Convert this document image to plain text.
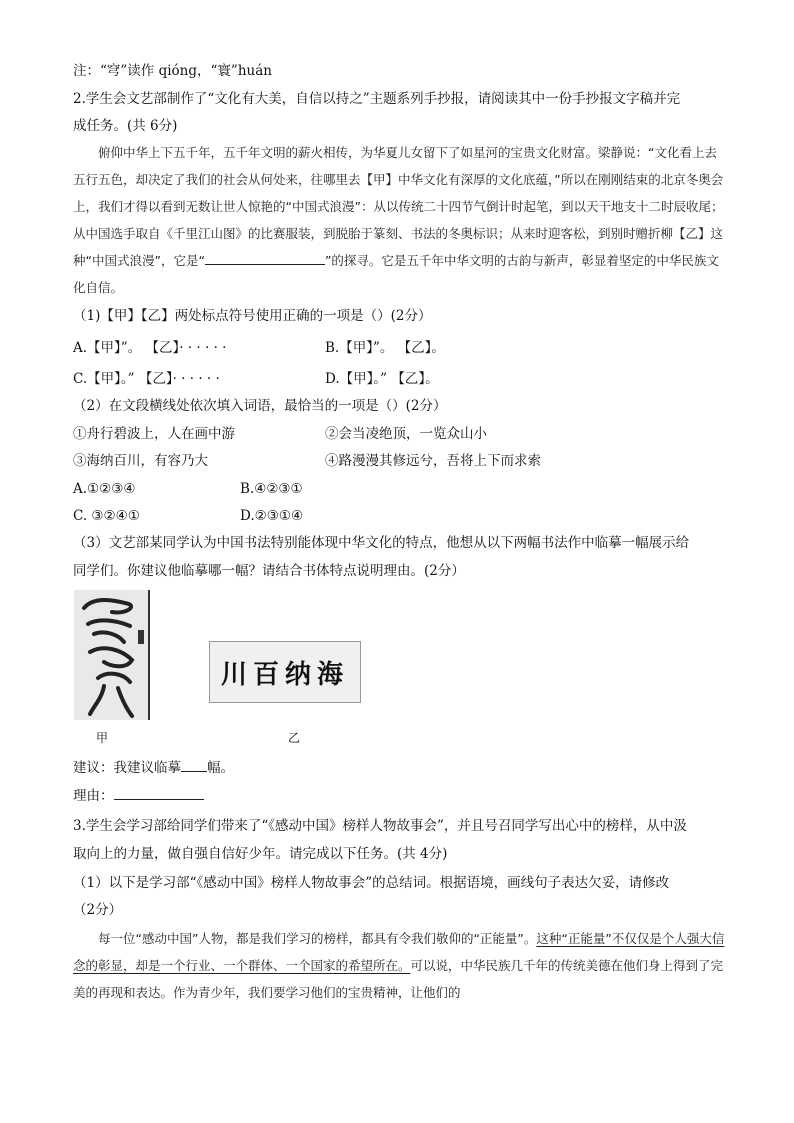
注：“穹”读作 qióng，“寰”huán
2.学生会文艺部制作了“文化有大美，自信以持之”主题系列手抄报，请阅读其中一份手抄报文字稿并完
成任务。(共 6分)
俯仰中华上下五千年，五千年文明的薪火相传，为华夏儿女留下了如星河的宝贵文化财富。梁静说：“文化看上去五行五色，却决定了我们的社会从何处来，往哪里去【甲】中华文化有深厚的文化底蕴，”所以在刚刚结束的北京冬奥会上，我们才得以看到无数让世人惊艳的“中国式浪漫”：从以传统二十四节气倒计时起笔，到以天干地支十二时辰收尾；从中国选手取自《千里江山图》的比赛服装，到脱胎于篆刻、书法的冬奥标识；从来时迎客松，到别时赠折柳【乙】这种“中国式浪漫”，它是“	”的探寻。它是五千年中华文明的古韵与新声，彰显着坚定的中华民族文化自信。
（1)【甲】【乙】两处标点符号使用正确的一项是（）(2分）
A.【甲】”。 【乙】· · · · · ·	B.【甲】”。 【乙】。
C.【甲】。” 【乙】· · · · · ·	D.【甲】。” 【乙】。
（2）在文段横线处依次填入词语，最恰当的一项是（）(2分）
①舟行碧波上，人在画中游	②会当凌绝顶，一览众山小
③海纳百川，有容乃大	④路漫漫其修远兮，吾将上下而求索
A.①②③④	B.④②③①
C. ③②④①	D.②③①④
（3）文艺部某同学认为中国书法特别能体现中华文化的特点，他想从以下两幅书法作中临摹一幅展示给
同学们。你建议他临摹哪一幅？请结合书体特点说明理由。(2分）
川百纳海
甲	乙
建议：我建议临摹 幅。
理由：
3.学生会学习部给同学们带来了“《感动中国》榜样人物故事会”，并且号召同学写出心中的榜样，从中汲
取向上的力量，做自强自信好少年。请完成以下任务。(共 4分)
（1）以下是学习部“《感动中国》榜样人物故事会”的总结词。根据语境，画线句子表达欠妥，请修改
（2分）
每一位“感动中国”人物，都是我们学习的榜样，都具有令我们敬仰的“正能量”。这种“正能量”不仅仅是个人强大信念的彰显，却是一个行业、一个群体、一个国家的希望所在。可以说，中华民族几千年的传统美德在他们身上得到了完美的再现和表达。作为青少年，我们要学习他们的宝贵精神，让他们的
